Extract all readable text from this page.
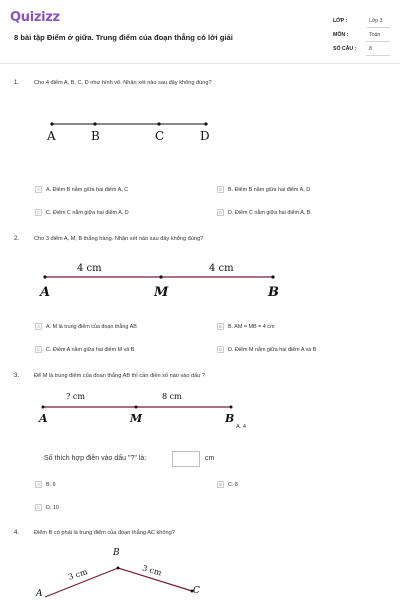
Quizizz
8 bài tập Điểm ở giữa. Trung điểm của đoạn thẳng có lời giải
LỚP :	Lớp 3
MÔN :	Toán
SỐ CÂU : 8
1.	Cho 4 điểm A, B, C, D như hình vẽ. Nhận xét nào sau đây không đúng?
A	B	C	D
A	A. Điểm B nằm giữa hai điểm A, C	B	B. Điểm B nằm giữa hai điểm A, D
C	C. Điểm C nằm giữa hai điểm A, D	D	D. Điểm C nằm giữa hai điểm A, B
2.	Cho 3 điểm A, M, B thẳng hàng. Nhận xét nào sau đây không đúng?
4 cm	4 cm
A	M	B
A	A. M là trung điểm của đoạn thẳng AB	B	B. AM = MB = 4 cm
C	C. Điểm A nằm giữa hai điểm M và B	D	D. Điểm M nằm giữa hai điểm A và B
3.	Để M là trung điểm của đoạn thẳng AB thì cần điền số nào vào dấu ?
? cm	8 cm
A	M	B
A. 4
Số thích hợp điền vào dấu "?" là:	cm
A	B. 6	B	C. 8
C	D. 10
4.	Điểm B có phải là trung điểm của đoạn thẳng AC không?
B
A	C
3 cm	3 cm
